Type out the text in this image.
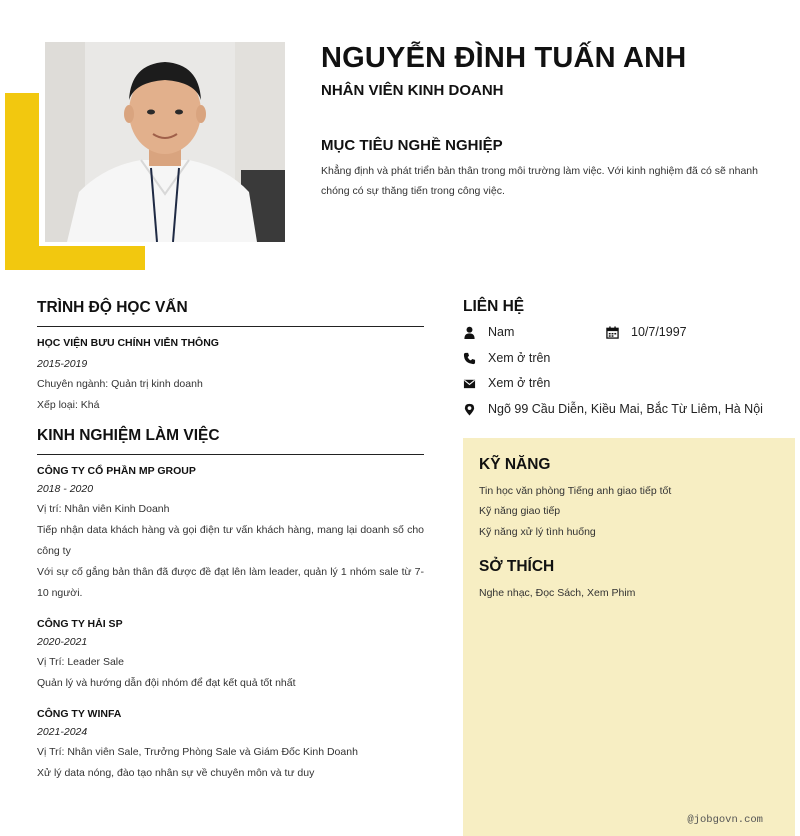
NGUYỄN ĐÌNH TUẤN ANH
NHÂN VIÊN KINH DOANH
MỤC TIÊU NGHỀ NGHIỆP
Khẳng định và phát triển bản thân trong môi trường làm việc. Với kinh nghiệm đã có sẽ nhanh chóng có sự thăng tiến trong công việc.
TRÌNH ĐỘ HỌC VẤN
HỌC VIỆN BƯU CHÍNH VIỄN THÔNG
2015-2019
Chuyên ngành: Quản trị kinh doanh
Xếp loại: Khá
KINH NGHIỆM LÀM VIỆC
CÔNG TY CỔ PHẦN MP GROUP
2018 - 2020
Vị trí: Nhân viên Kinh Doanh
Tiếp nhận data khách hàng và gọi điện tư vấn khách hàng, mang lại doanh số cho công ty
Với sự cố gắng bản thân đã được đề đạt lên làm leader, quản lý 1 nhóm sale từ 7-10 người.
CÔNG TY HẢI SP
2020-2021
Vị Trí: Leader Sale
Quản lý và hướng dẫn đội nhóm để đạt kết quả tốt nhất
CÔNG TY WINFA
2021-2024
Vị Trí: Nhân viên Sale, Trưởng Phòng Sale và Giám Đốc Kinh Doanh
Xử lý data nóng, đào tạo nhân sự về chuyên môn và tư duy
LIÊN HỆ
Nam	10/7/1997
Xem ở trên
Xem ở trên
Ngõ 99 Cầu Diễn, Kiều Mai, Bắc Từ Liêm, Hà Nội
KỸ NĂNG
Tin học văn phòng Tiếng anh giao tiếp tốt
Kỹ năng giao tiếp
Kỹ năng xử lý tình huống
SỞ THÍCH
Nghe nhạc, Đọc Sách, Xem Phim
@jobgovn.com
